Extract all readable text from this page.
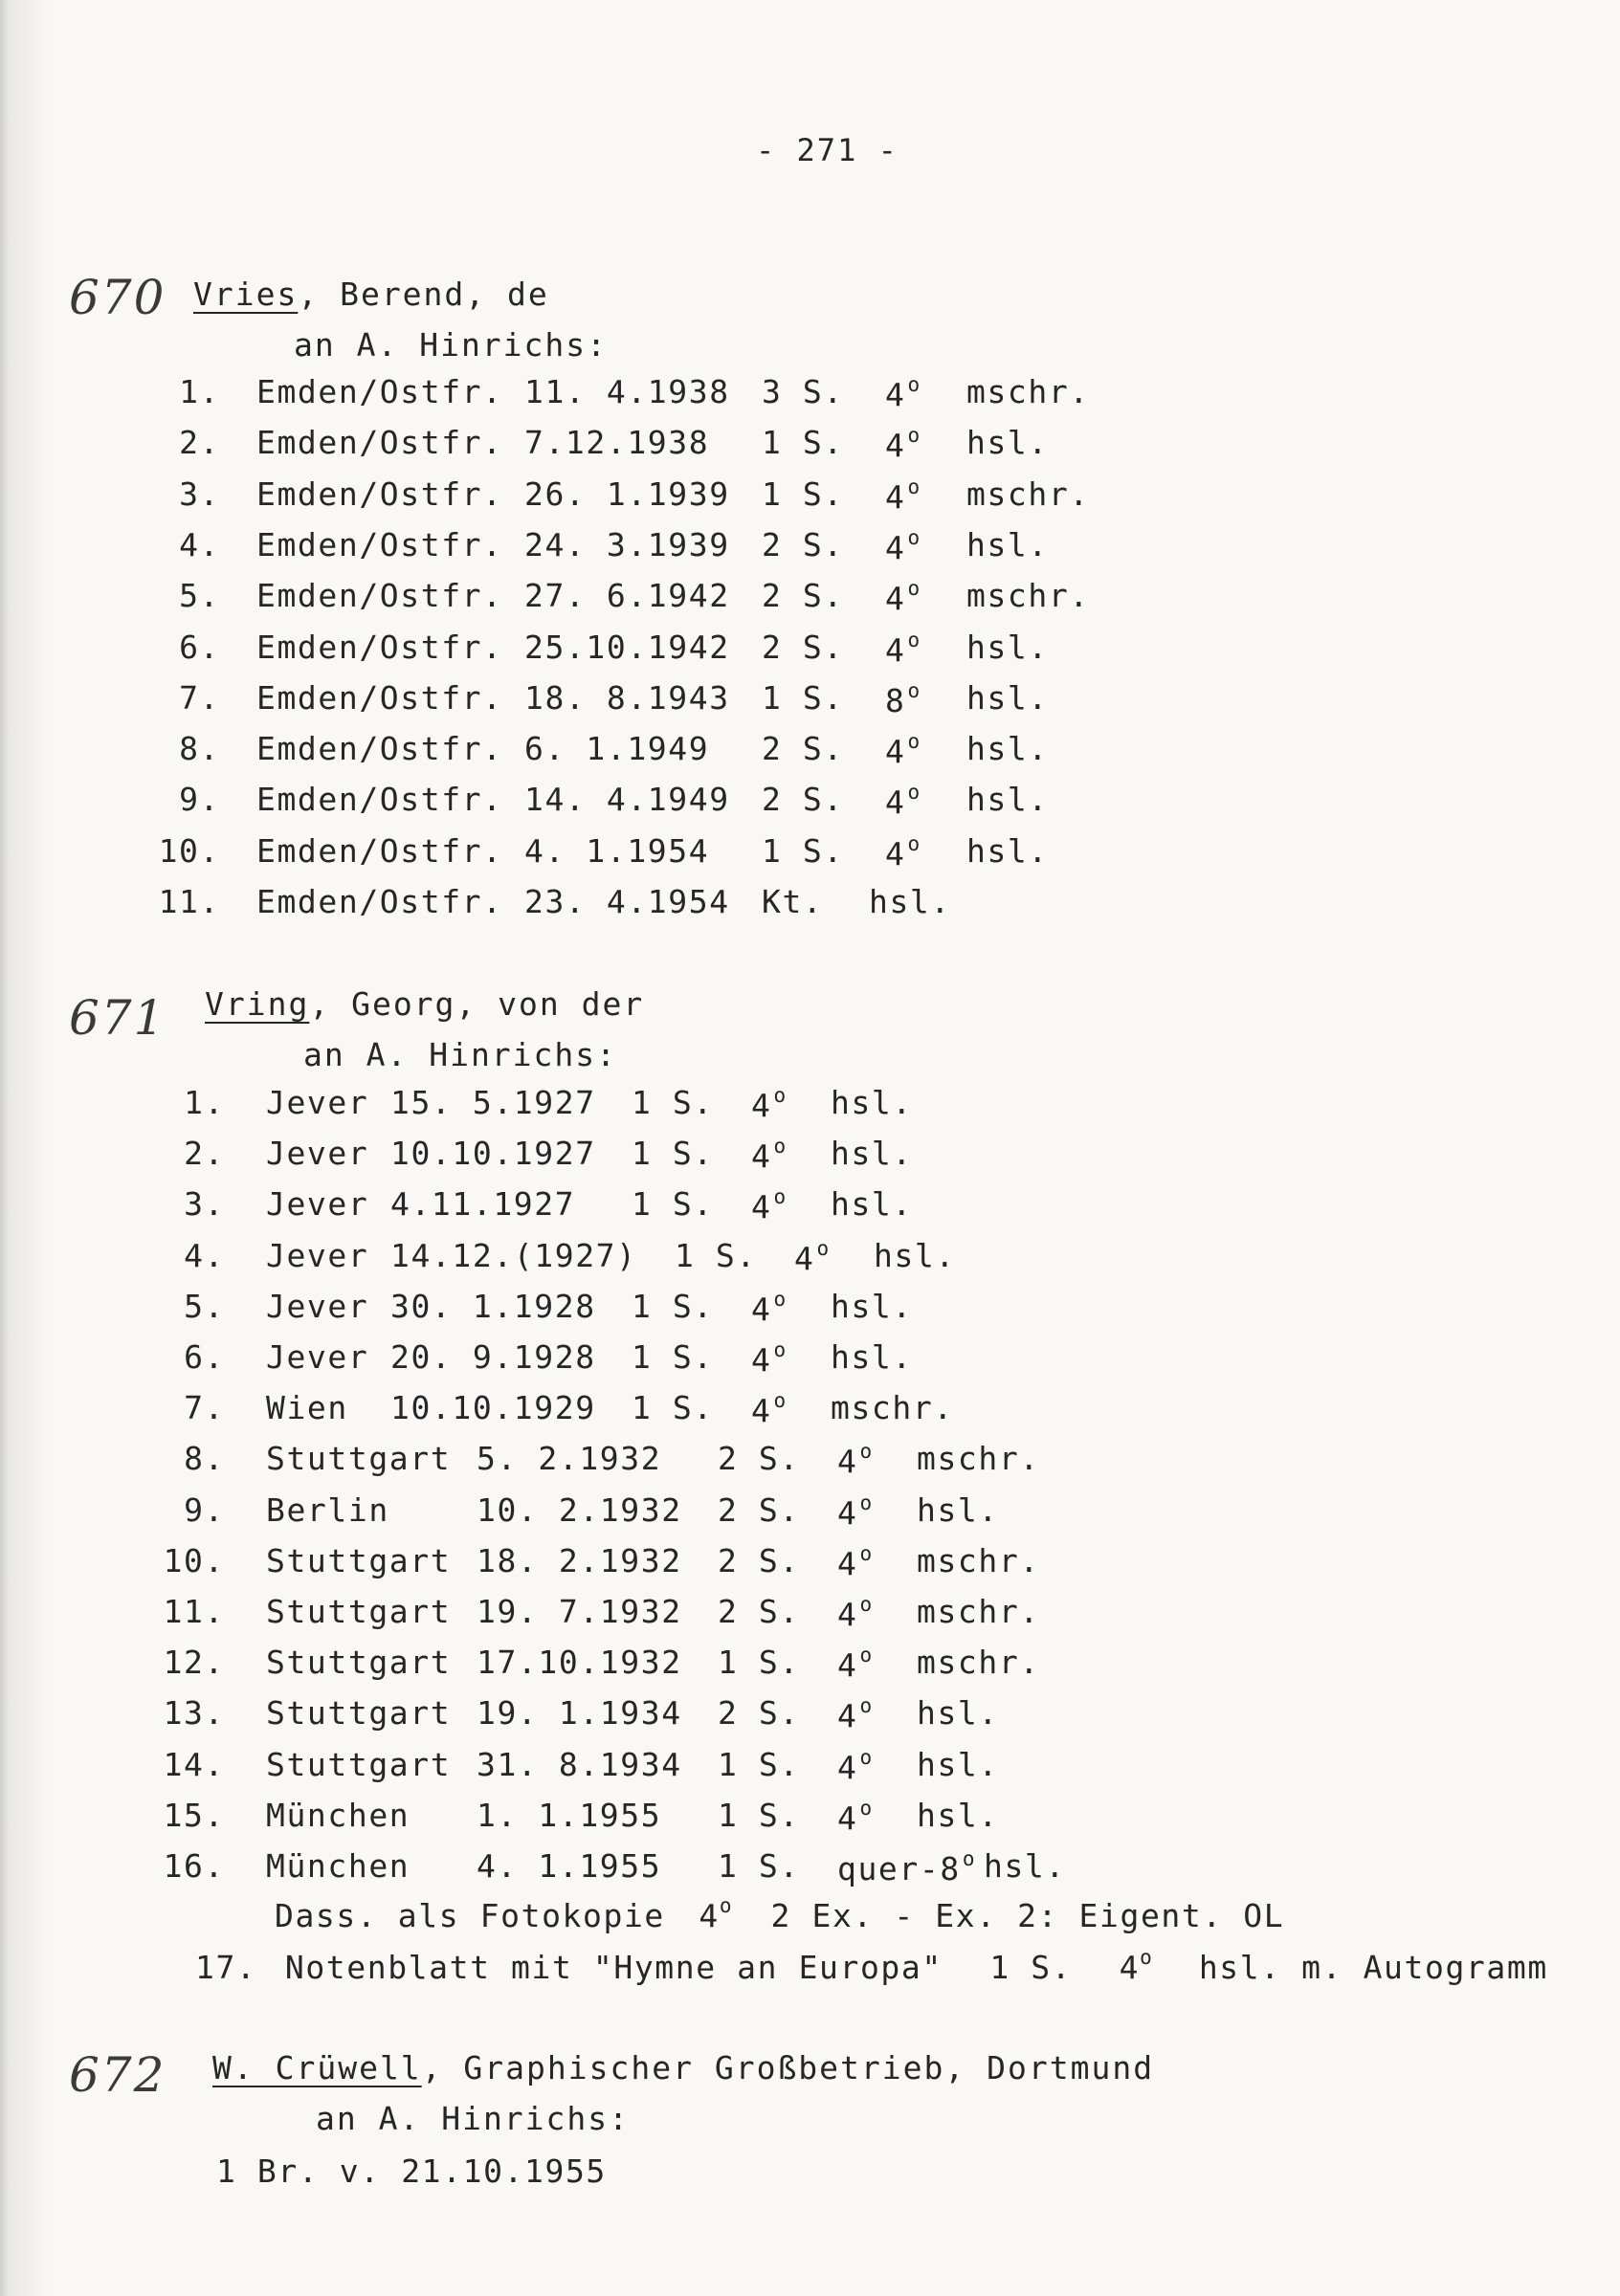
- 271 -
670 Vries, Berend, de
an A. Hinrichs:
1. Emden/Ostfr. 11. 4.1938 3 S. 4$^o$ mschr.
2. Emden/Ostfr. 7.12.1938 1 S. 4$^o$ hsl.
3. Emden/Ostfr. 26. 1.1939 1 S. 4$^o$ mschr.
4. Emden/Ostfr. 24. 3.1939 2 S. 4$^o$ hsl.
5. Emden/Ostfr. 27. 6.1942 2 S. 4$^o$ mschr.
6. Emden/Ostfr. 25.10.1942 2 S. 4$^o$ hsl.
7. Emden/Ostfr. 18. 8.1943 1 S. 8$^o$ hsl.
8. Emden/Ostfr. 6. 1.1949 2 S. 4$^o$ hsl.
9. Emden/Ostfr. 14. 4.1949 2 S. 4$^o$ hsl.
10. Emden/Ostfr. 4. 1.1954 1 S. 4$^o$ hsl.
11. Emden/Ostfr. 23. 4.1954 Kt. hsl.
671 Vring, Georg, von der
an A. Hinrichs:
1. Jever 15. 5.1927 1 S. 4$^o$ hsl.
2. Jever 10.10.1927 1 S. 4$^o$ hsl.
3. Jever 4.11.1927 1 S. 4$^o$ hsl.
4. Jever 14.12.(1927) 1 S. 4$^o$ hsl.
5. Jever 30. 1.1928 1 S. 4$^o$ hsl.
6. Jever 20. 9.1928 1 S. 4$^o$ hsl.
7. Wien 10.10.1929 1 S. 4$^o$ mschr.
8. Stuttgart 5. 2.1932 2 S. 4$^o$ mschr.
9. Berlin	10. 2.1932 2 S. 4$^o$ hsl.
10. Stuttgart 18. 2.1932 2 S. 4$^o$ mschr.
11. Stuttgart 19. 7.1932 2 S. 4$^o$ mschr.
12. Stuttgart 17.10.1932 1 S. 4$^o$ mschr.
13. Stuttgart 19. 1.1934 2 S. 4$^o$ hsl.
14. Stuttgart 31. 8.1934 1 S. 4$^o$ hsl.
15. München 1. 1.1955 1 S. 4$^o$ hsl.
16. München 4. 1.1955 1 S. quer-8$^o$ hsl.
Dass. als Fotokopie 4$^o$ 2 Ex. - Ex. 2: Eigent. OL
17. Notenblatt mit "Hymne an Europa" 1 S. 4$^o$ hsl. m. Autogramm
672 W. Crüwell, Graphischer Großbetrieb, Dortmund
an A. Hinrichs:
1 Br. v. 21.10.1955
